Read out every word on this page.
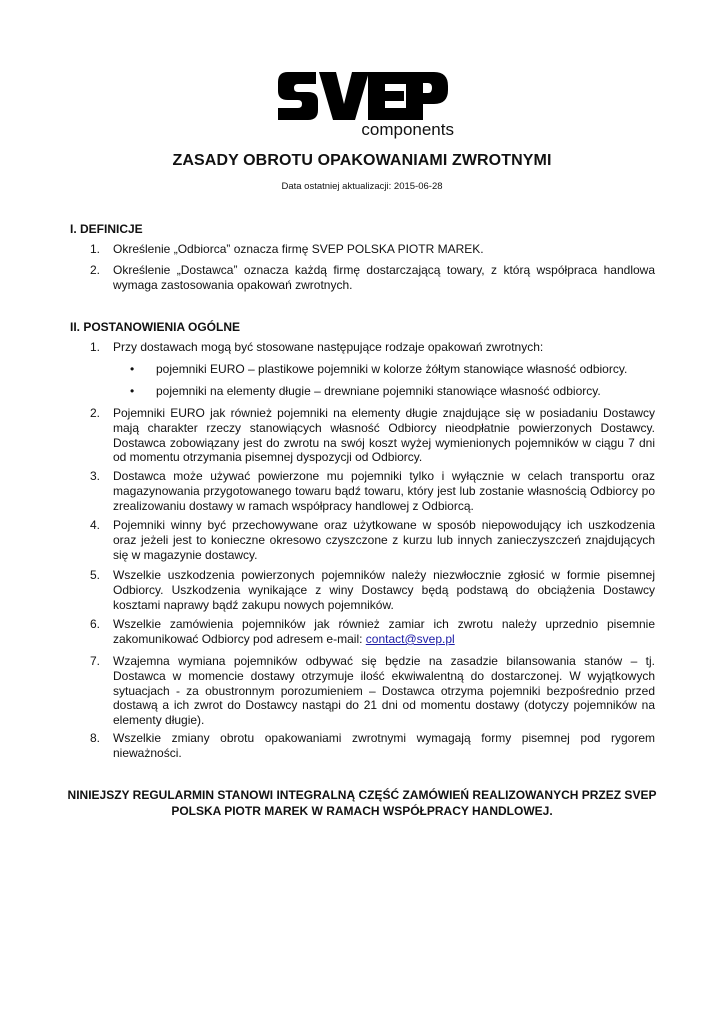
components
ZASADY OBROTU OPAKOWANIAMI ZWROTNYMI
Data ostatniej aktualizacji: 2015-06-28
I. DEFINICJE
1. Określenie „Odbiorca” oznacza firmę SVEP POLSKA PIOTR MAREK.
2. Określenie „Dostawca” oznacza każdą firmę dostarczającą towary, z którą współpraca handlowa wymaga zastosowania opakowań zwrotnych.
II. POSTANOWIENIA OGÓLNE
1. Przy dostawach mogą być stosowane następujące rodzaje opakowań zwrotnych:
• pojemniki EURO – plastikowe pojemniki w kolorze żółtym stanowiące własność odbiorcy.
• pojemniki na elementy długie – drewniane pojemniki stanowiące własność odbiorcy.
2. Pojemniki EURO jak również pojemniki na elementy długie znajdujące się w posiadaniu Dostawcy mają charakter rzeczy stanowiących własność Odbiorcy nieodpłatnie powierzonych Dostawcy. Dostawca zobowiązany jest do zwrotu na swój koszt wyżej wymienionych pojemników w ciągu 7 dni od momentu otrzymania pisemnej dyspozycji od Odbiorcy.
3. Dostawca może używać powierzone mu pojemniki tylko i wyłącznie w celach transportu oraz magazynowania przygotowanego towaru bądź towaru, który jest lub zostanie własnością Odbiorcy po zrealizowaniu dostawy w ramach współpracy handlowej z Odbiorcą.
4. Pojemniki winny być przechowywane oraz użytkowane w sposób niepowodujący ich uszkodzenia oraz jeżeli jest to konieczne okresowo czyszczone z kurzu lub innych zanieczyszczeń znajdujących się w magazynie dostawcy.
5. Wszelkie uszkodzenia powierzonych pojemników należy niezwłocznie zgłosić w formie pisemnej Odbiorcy. Uszkodzenia wynikające z winy Dostawcy będą podstawą do obciążenia Dostawcy kosztami naprawy bądź zakupu nowych pojemników.
6. Wszelkie zamówienia pojemników jak również zamiar ich zwrotu należy uprzednio pisemnie zakomunikować Odbiorcy pod adresem e-mail: contact@svep.pl
7. Wzajemna wymiana pojemników odbywać się będzie na zasadzie bilansowania stanów – tj. Dostawca w momencie dostawy otrzymuje ilość ekwiwalentną do dostarczonej. W wyjątkowych sytuacjach - za obustronnym porozumieniem – Dostawca otrzyma pojemniki bezpośrednio przed dostawą a ich zwrot do Dostawcy nastąpi do 21 dni od momentu dostawy (dotyczy pojemników na elementy długie).
8. Wszelkie zmiany obrotu opakowaniami zwrotnymi wymagają formy pisemnej pod rygorem nieważności.
NINIEJSZY REGULARMIN STANOWI INTEGRALNĄ CZĘŚĆ ZAMÓWIEŃ REALIZOWANYCH PRZEZ SVEP POLSKA PIOTR MAREK W RAMACH WSPÓŁPRACY HANDLOWEJ.
